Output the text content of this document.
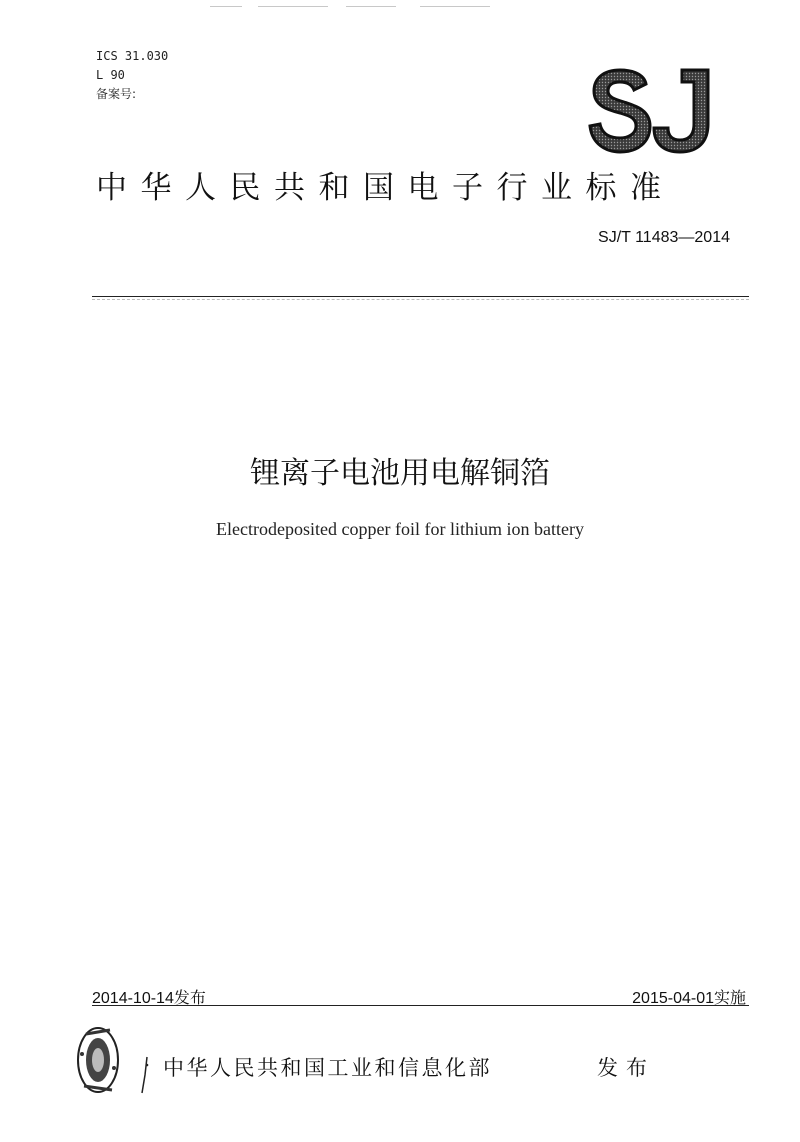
ICS 31.030
L 90
备案号:
中华人民共和国电子行业标准
SJ/T 11483—2014
锂离子电池用电解铜箔
Electrodeposited copper foil for lithium ion battery
2014-10-14发布	2015-04-01实施
中华人民共和国工业和信息化部	发布
